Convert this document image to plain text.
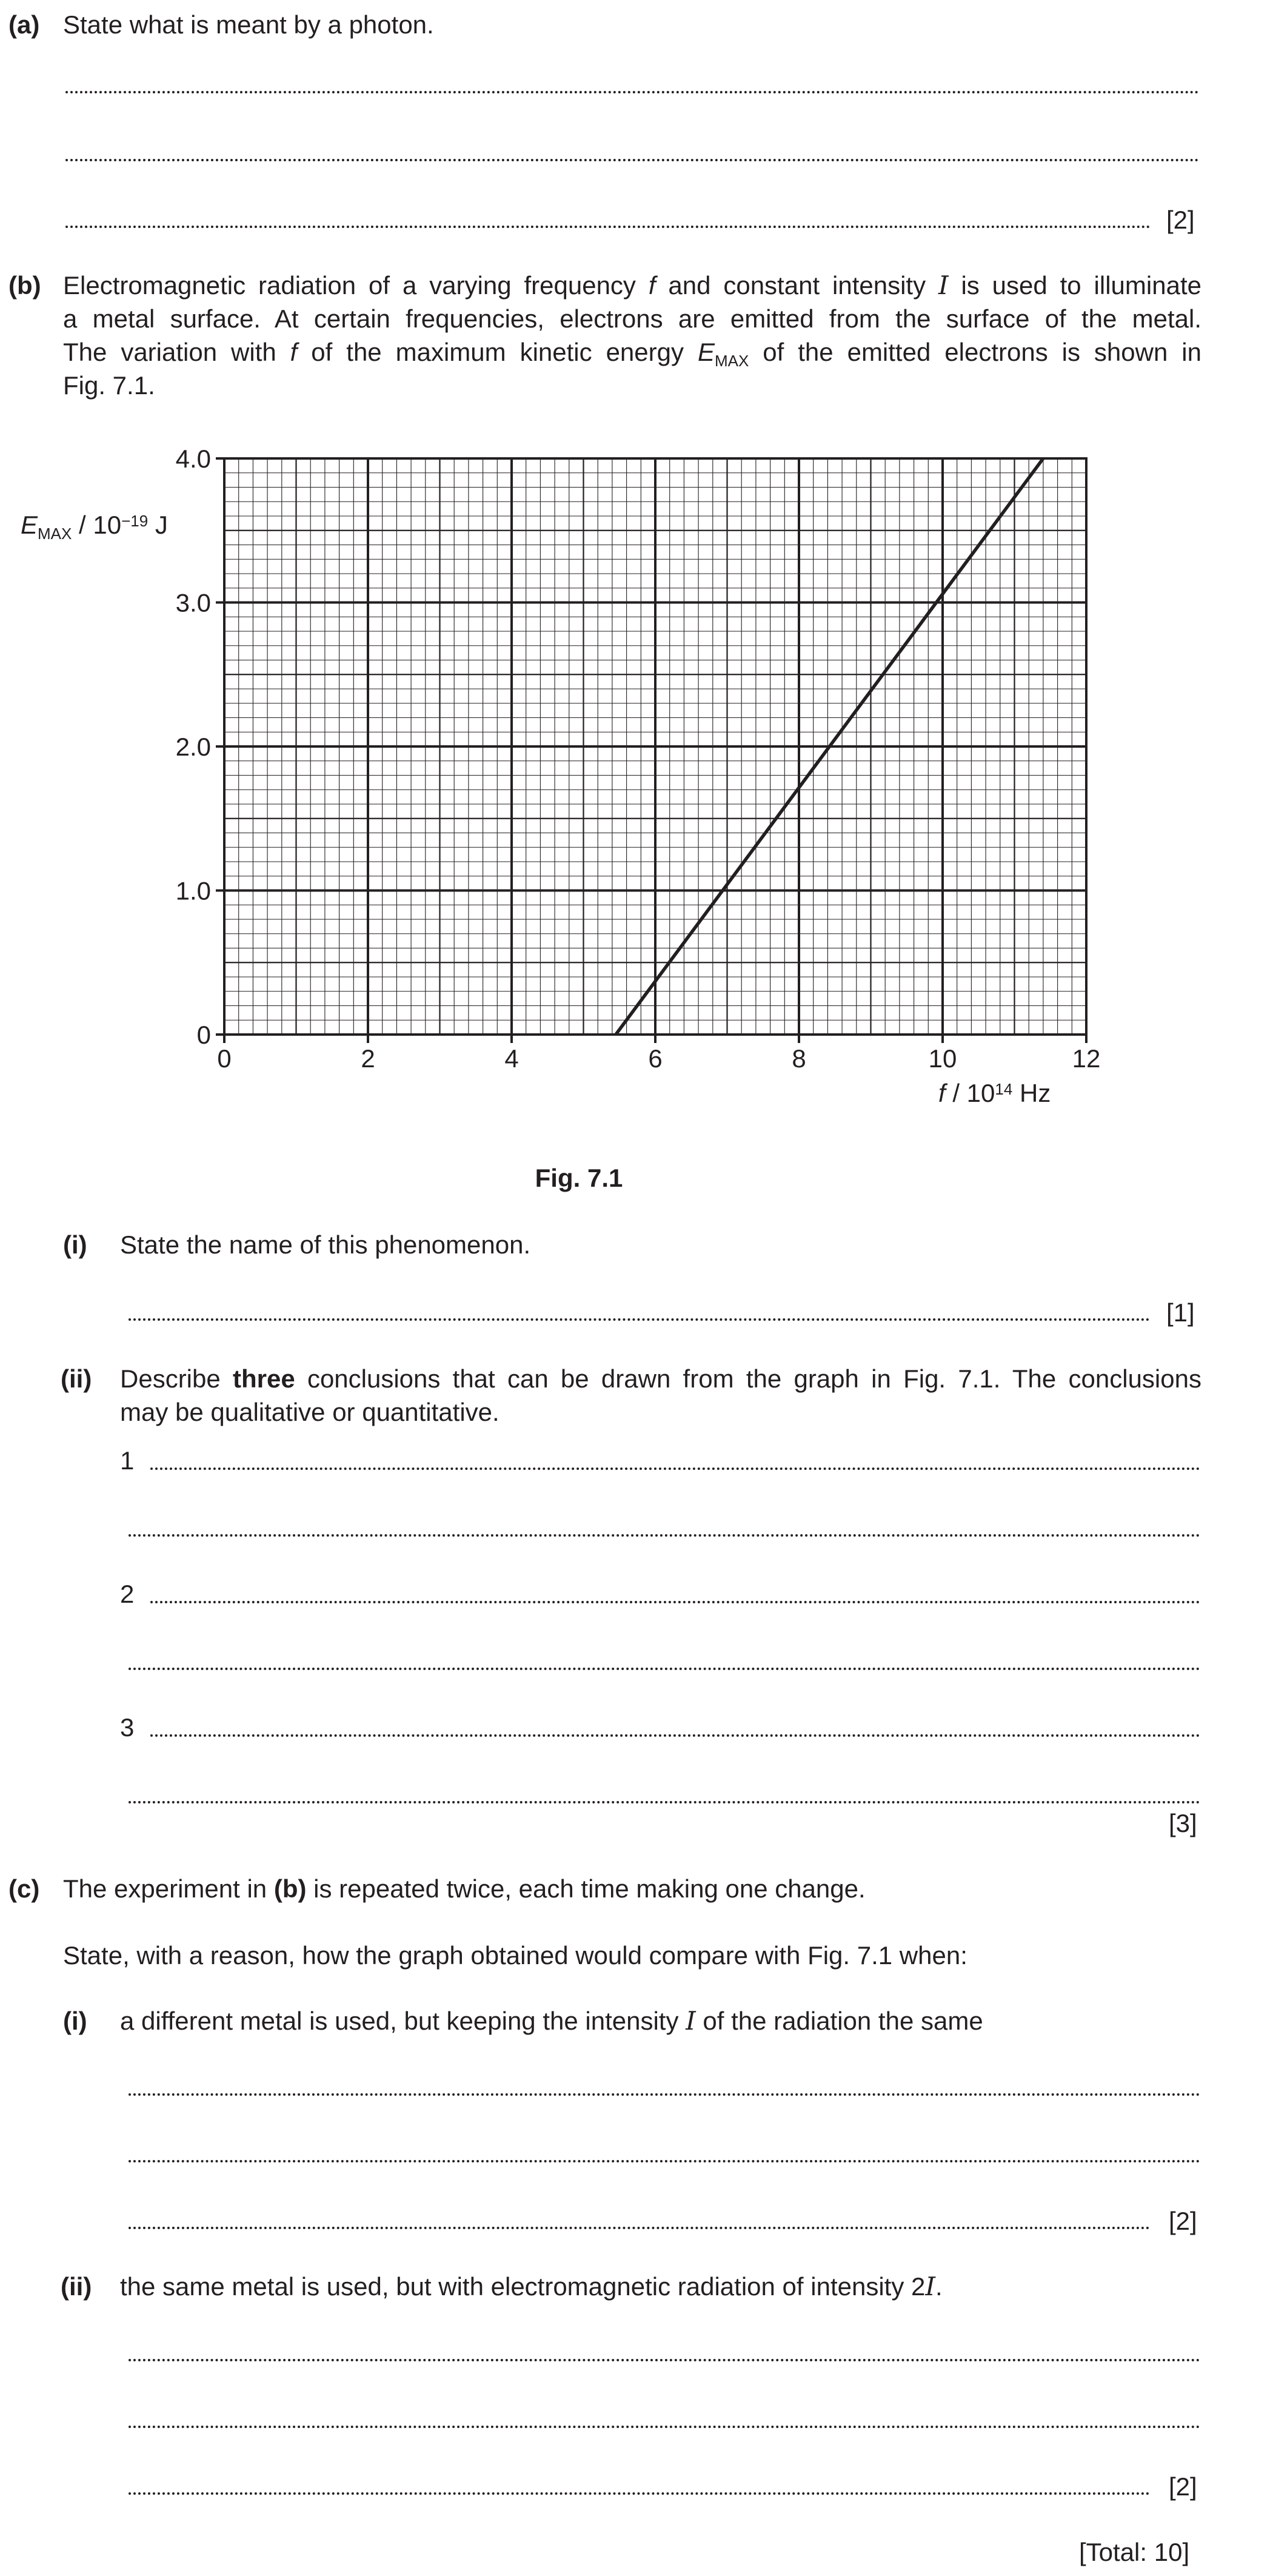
(a) State what is meant by a photon.
[2]
(b) Electromagnetic radiation of a varying frequency f and constant intensity I is used to illuminate
a metal surface. At certain frequencies, electrons are emitted from the surface of the metal.
The variation with f of the maximum kinetic energy $E_{MAX}$ of the emitted electrons is shown in
Fig. 7.1.
$E_{MAX} / 10^{-19}$ J
0	2	4	6	8	10	12
0
1.0
2.0
3.0
4.0
f / $10^{14}$ Hz
Fig. 7.1
(i) State the name of this phenomenon.
[1]
(ii) Describe three conclusions that can be drawn from the graph in Fig. 7.1. The conclusions
may be qualitative or quantitative.
1
2
3
[3]
(c) The experiment in (b) is repeated twice, each time making one change.
State, with a reason, how the graph obtained would compare with Fig. 7.1 when:
(i) a different metal is used, but keeping the intensity I of the radiation the same
[2]
(ii) the same metal is used, but with electromagnetic radiation of intensity 2I.
[2]
[Total: 10]
